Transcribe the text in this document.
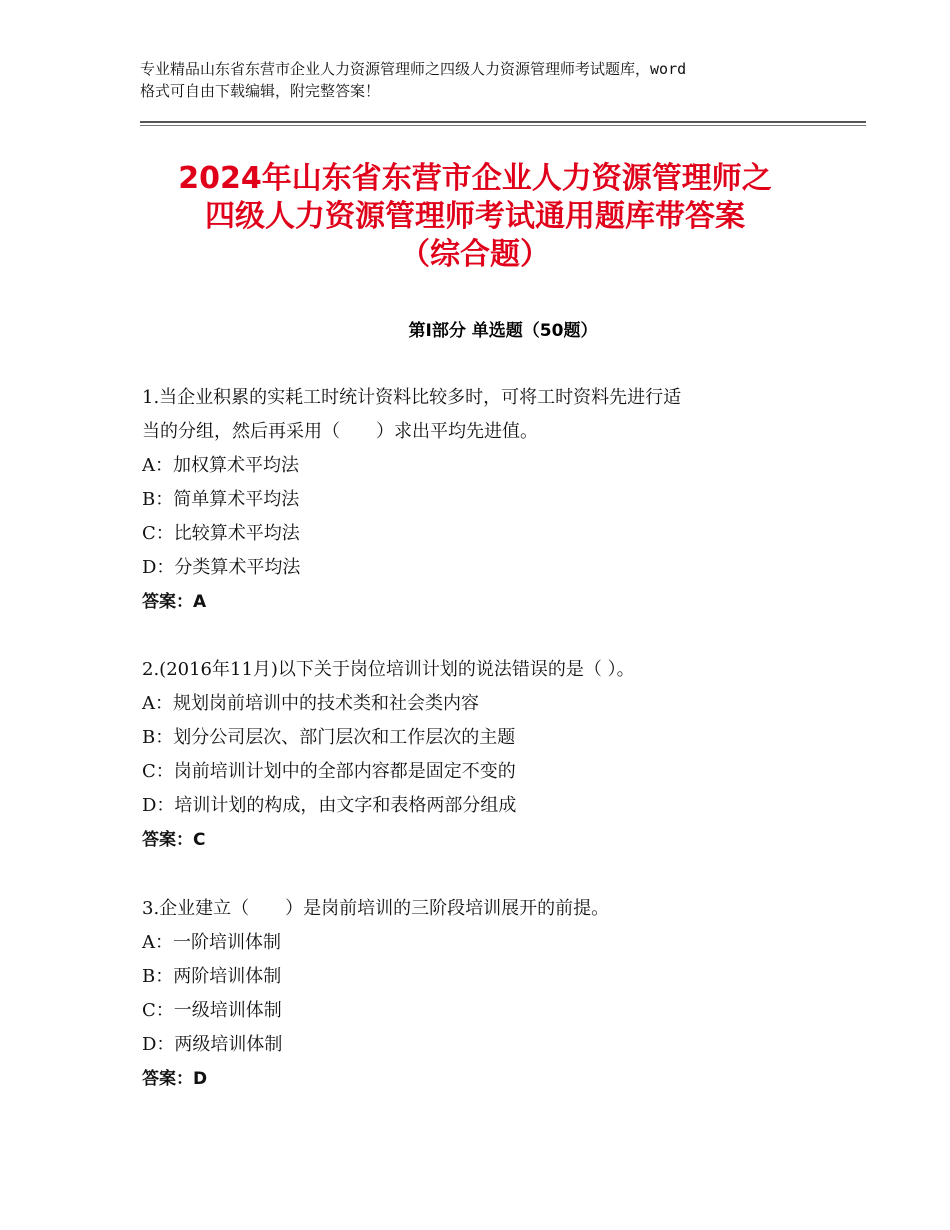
专业精品山东省东营市企业人力资源管理师之四级人力资源管理师考试题库，word
格式可自由下载编辑，附完整答案！
2024年山东省东营市企业人力资源管理师之
四级人力资源管理师考试通用题库带答案
（综合题）
第Ⅰ部分 单选题（50题）
1.当企业积累的实耗工时统计资料比较多时，可将工时资料先进行适
当的分组，然后再采用（　　）求出平均先进值。
A：加权算术平均法
B：简单算术平均法
C：比较算术平均法
D：分类算术平均法
答案：A
2.(2016年11月)以下关于岗位培训计划的说法错误的是（ ）。
A：规划岗前培训中的技术类和社会类内容
B：划分公司层次、部门层次和工作层次的主题
C：岗前培训计划中的全部内容都是固定不变的
D：培训计划的构成，由文字和表格两部分组成
答案：C
3.企业建立（　　）是岗前培训的三阶段培训展开的前提。
A：一阶培训体制
B：两阶培训体制
C：一级培训体制
D：两级培训体制
答案：D
